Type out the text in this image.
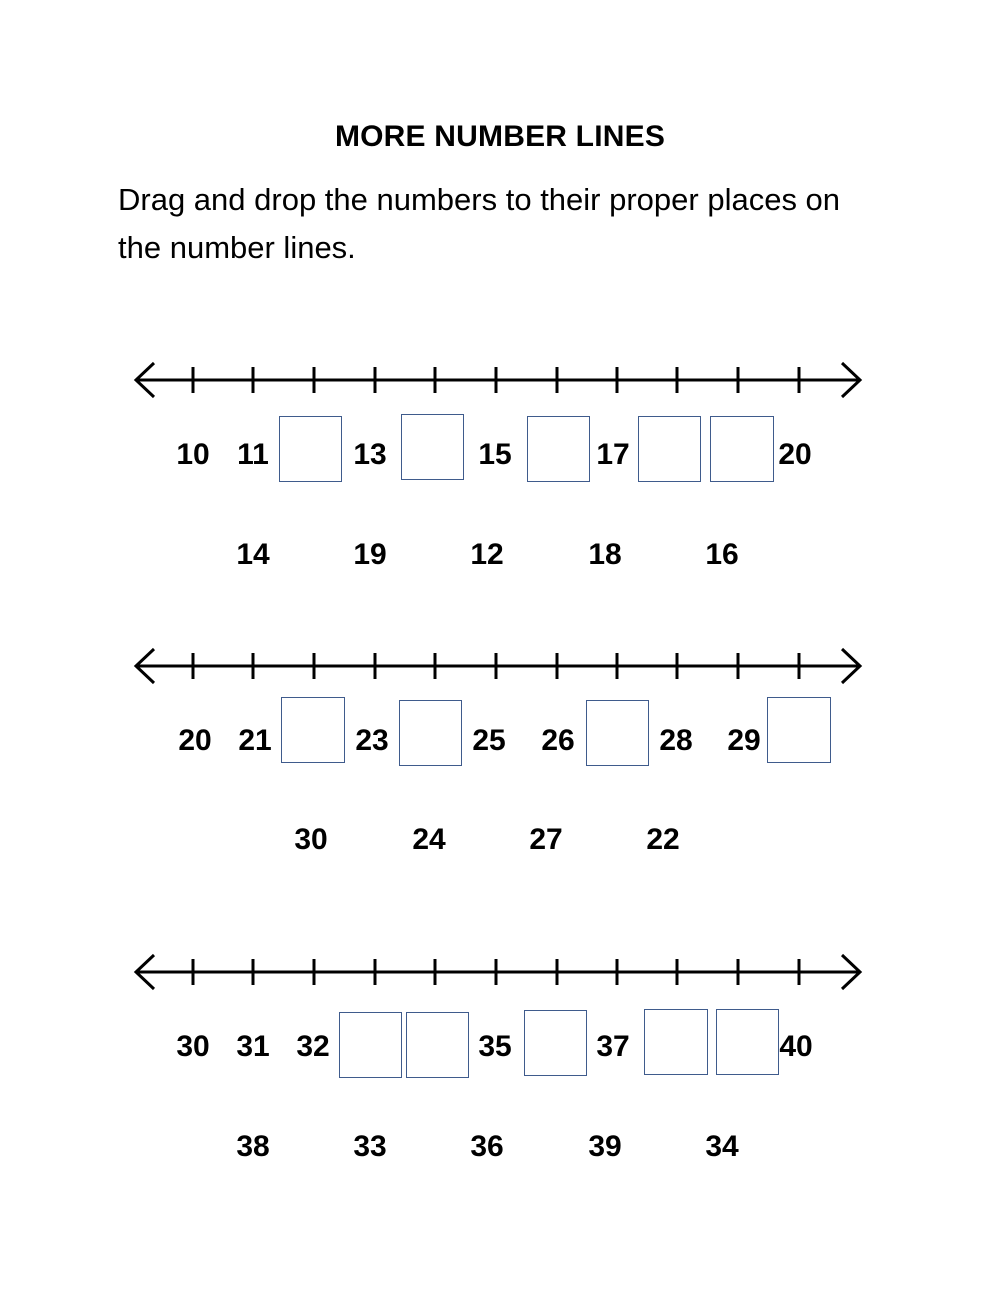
MORE NUMBER LINES
Drag and drop the numbers to their proper places on the number lines.
10 11	13	15	17	20
14	19	12	18	16
20 21	23	25 26	28 29
30	24	27	22
30 31 32	35	37	40
38	33	36	39	34
